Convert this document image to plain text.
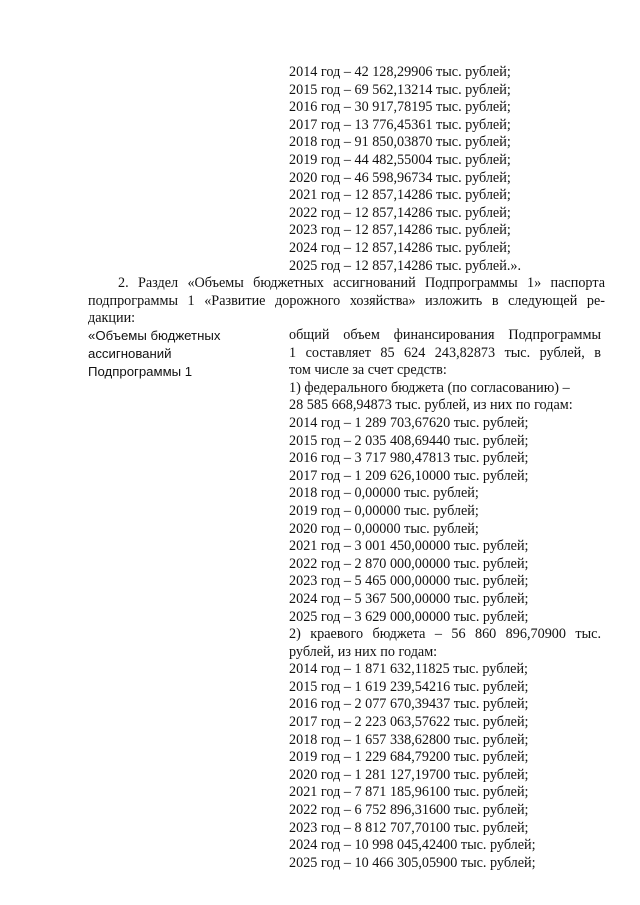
2014 год – 42 128,29906 тыс. рублей;
2015 год – 69 562,13214 тыс. рублей;
2016 год – 30 917,78195 тыс. рублей;
2017 год – 13 776,45361 тыс. рублей;
2018 год – 91 850,03870 тыс. рублей;
2019 год – 44 482,55004 тыс. рублей;
2020 год – 46 598,96734 тыс. рублей;
2021 год – 12 857,14286 тыс. рублей;
2022 год – 12 857,14286 тыс. рублей;
2023 год – 12 857,14286 тыс. рублей;
2024 год – 12 857,14286 тыс. рублей;
2025 год – 12 857,14286 тыс. рублей.».
2. Раздел «Объемы бюджетных ассигнований Подпрограммы 1» паспорта
подпрограммы 1 «Развитие дорожного хозяйства» изложить в следующей ре-
дакции:
«Объемы бюджетных
ассигнований
Подпрограммы 1
общий объем финансирования Подпрограммы
1 составляет 85 624 243,82873 тыс. рублей, в
том числе за счет средств:
1) федерального бюджета (по согласованию) –
28 585 668,94873 тыс. рублей, из них по годам:
2014 год – 1 289 703,67620 тыс. рублей;
2015 год – 2 035 408,69440 тыс. рублей;
2016 год – 3 717 980,47813 тыс. рублей;
2017 год – 1 209 626,10000 тыс. рублей;
2018 год – 0,00000 тыс. рублей;
2019 год – 0,00000 тыс. рублей;
2020 год – 0,00000 тыс. рублей;
2021 год – 3 001 450,00000 тыс. рублей;
2022 год – 2 870 000,00000 тыс. рублей;
2023 год – 5 465 000,00000 тыс. рублей;
2024 год – 5 367 500,00000 тыс. рублей;
2025 год – 3 629 000,00000 тыс. рублей;
2) краевого бюджета – 56 860 896,70900 тыс.
рублей, из них по годам:
2014 год – 1 871 632,11825 тыс. рублей;
2015 год – 1 619 239,54216 тыс. рублей;
2016 год – 2 077 670,39437 тыс. рублей;
2017 год – 2 223 063,57622 тыс. рублей;
2018 год – 1 657 338,62800 тыс. рублей;
2019 год – 1 229 684,79200 тыс. рублей;
2020 год – 1 281 127,19700 тыс. рублей;
2021 год – 7 871 185,96100 тыс. рублей;
2022 год – 6 752 896,31600 тыс. рублей;
2023 год – 8 812 707,70100 тыс. рублей;
2024 год – 10 998 045,42400 тыс. рублей;
2025 год – 10 466 305,05900 тыс. рублей;
